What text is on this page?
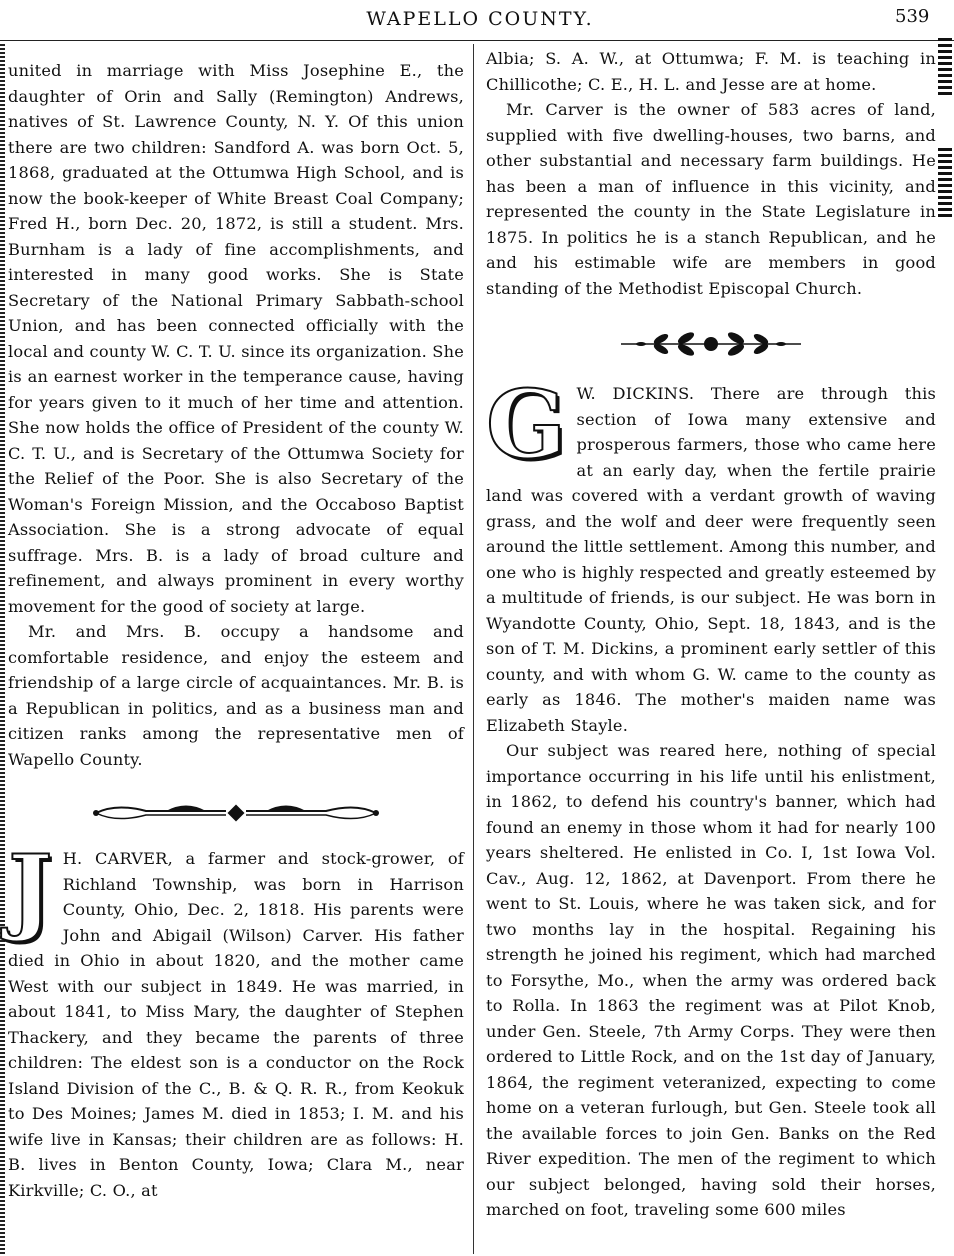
WAPELLO COUNTY.	539

united in marriage with Miss Josephine E., the daughter of Orin and Sally (Remington) Andrews, natives of St. Lawrence County, N. Y. Of this union there are two children: Sandford A. was born Oct. 5, 1868, graduated at the Ottumwa High School, and is now the book-keeper of White Breast Coal Company; Fred H., born Dec. 20, 1872, is still a student. Mrs. Burnham is a lady of fine accomplishments, and interested in many good works. She is State Secretary of the National Primary Sabbath-school Union, and has been connected officially with the local and county W. C. T. U. since its organization. She is an earnest worker in the temperance cause, having for years given to it much of her time and attention. She now holds the office of President of the county W. C. T. U., and is Secretary of the Ottumwa Society for the Relief of the Poor. She is also Secretary of the Woman's Foreign Mission, and the Occaboso Baptist Association. She is a strong advocate of equal suffrage. Mrs. B. is a lady of broad culture and refinement, and always prominent in every worthy movement for the good of society at large.

Mr. and Mrs. B. occupy a handsome and comfortable residence, and enjoy the esteem and friendship of a large circle of acquaintances. Mr. B. is a Republican in politics, and as a business man and citizen ranks among the representative men of Wapello County.

J H. CARVER, a farmer and stock-grower, of Richland Township, was born in Harrison County, Ohio, Dec. 2, 1818. His parents were John and Abigail (Wilson) Carver. His father died in Ohio in about 1820, and the mother came West with our subject in 1849. He was married, in about 1841, to Miss Mary, the daughter of Stephen Thackery, and they became the parents of three children: The eldest son is a conductor on the Rock Island Division of the C., B. & Q. R. R., from Keokuk to Des Moines; James M. died in 1853; I. M. and his wife live in Kansas; their children are as follows: H. B. lives in Benton County, Iowa; Clara M., near Kirkville; C. O., at

Albia; S. A. W., at Ottumwa; F. M. is teaching in Chillicothe; C. E., H. L. and Jesse are at home.

Mr. Carver is the owner of 583 acres of land, supplied with five dwelling-houses, two barns, and other substantial and necessary farm buildings. He has been a man of influence in this vicinity, and represented the county in the State Legislature in 1875. In politics he is a stanch Republican, and he and his estimable wife are members in good standing of the Methodist Episcopal Church.

G W. DICKINS. There are through this section of Iowa many extensive and prosperous farmers, those who came here at an early day, when the fertile prairie land was covered with a verdant growth of waving grass, and the wolf and deer were frequently seen around the little settlement. Among this number, and one who is highly respected and greatly esteemed by a multitude of friends, is our subject. He was born in Wyandotte County, Ohio, Sept. 18, 1843, and is the son of T. M. Dickins, a prominent early settler of this county, and with whom G. W. came to the county as early as 1846. The mother's maiden name was Elizabeth Stayle.

Our subject was reared here, nothing of special importance occurring in his life until his enlistment, in 1862, to defend his country's banner, which had found an enemy in those whom it had for nearly 100 years sheltered. He enlisted in Co. I, 1st Iowa Vol. Cav., Aug. 12, 1862, at Davenport. From there he went to St. Louis, where he was taken sick, and for two months lay in the hospital. Regaining his strength he joined his regiment, which had marched to Forsythe, Mo., when the army was ordered back to Rolla. In 1863 the regiment was at Pilot Knob, under Gen. Steele, 7th Army Corps. They were then ordered to Little Rock, and on the 1st day of January, 1864, the regiment veteranized, expecting to come home on a veteran furlough, but Gen. Steele took all the available forces to join Gen. Banks on the Red River expedition. The men of the regiment to which our subject belonged, having sold their horses, marched on foot, traveling some 600 miles
